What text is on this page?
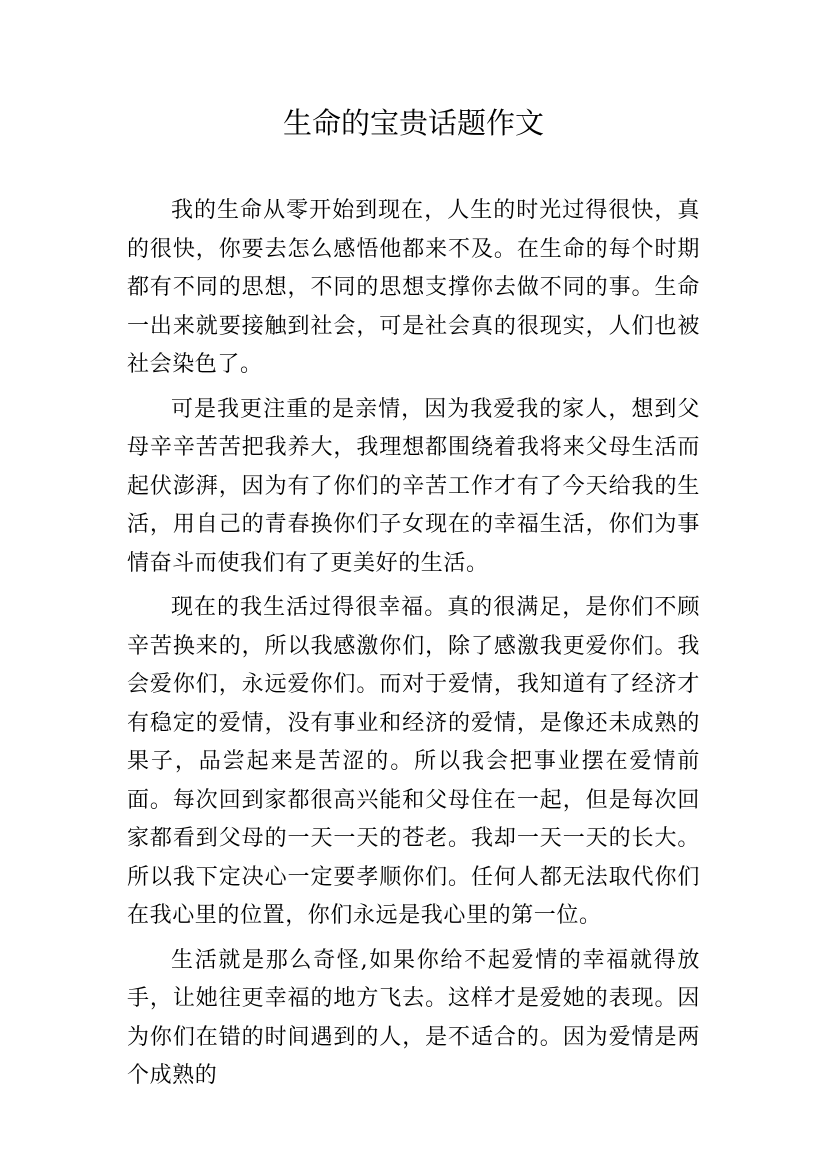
生命的宝贵话题作文

我的生命从零开始到现在，人生的时光过得很快，真的很快，你要去怎么感悟他都来不及。在生命的每个时期都有不同的思想，不同的思想支撑你去做不同的事。生命一出来就要接触到社会，可是社会真的很现实，人们也被社会染色了。

可是我更注重的是亲情，因为我爱我的家人，想到父母辛辛苦苦把我养大，我理想都围绕着我将来父母生活而起伏澎湃，因为有了你们的辛苦工作才有了今天给我的生活，用自己的青春换你们子女现在的幸福生活，你们为事情奋斗而使我们有了更美好的生活。

现在的我生活过得很幸福。真的很满足，是你们不顾辛苦换来的，所以我感激你们，除了感激我更爱你们。我会爱你们，永远爱你们。而对于爱情，我知道有了经济才有稳定的爱情，没有事业和经济的爱情，是像还未成熟的果子，品尝起来是苦涩的。所以我会把事业摆在爱情前面。每次回到家都很高兴能和父母住在一起，但是每次回家都看到父母的一天一天的苍老。我却一天一天的长大。所以我下定决心一定要孝顺你们。任何人都无法取代你们在我心里的位置，你们永远是我心里的第一位。

生活就是那么奇怪,如果你给不起爱情的幸福就得放手，让她往更幸福的地方飞去。这样才是爱她的表现。因为你们在错的时间遇到的人，是不适合的。因为爱情是两个成熟的
